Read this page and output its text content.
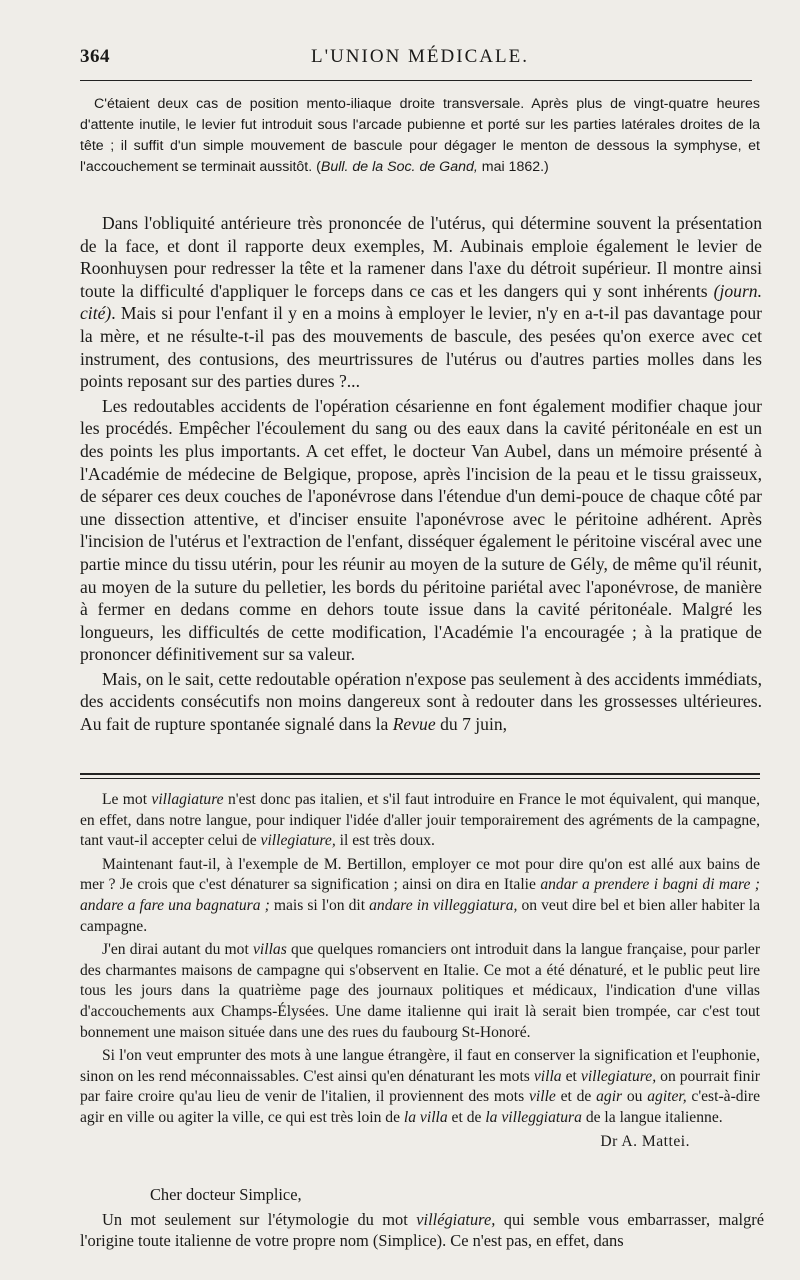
364	L'UNION MÉDICALE.

C'étaient deux cas de position mento-iliaque droite transversale. Après plus de vingt-quatre heures d'attente inutile, le levier fut introduit sous l'arcade pubienne et porté sur les parties latérales droites de la tête ; il suffit d'un simple mouvement de bascule pour dégager le menton de dessous la symphyse, et l'accouchement se terminait aussitôt. (Bull. de la Soc. de Gand, mai 1862.)

Dans l'obliquité antérieure très prononcée de l'utérus, qui détermine souvent la présentation de la face, et dont il rapporte deux exemples, M. Aubinais emploie également le levier de Roonhuysen pour redresser la tête et la ramener dans l'axe du détroit supérieur. Il montre ainsi toute la difficulté d'appliquer le forceps dans ce cas et les dangers qui y sont inhérents (journ. cité). Mais si pour l'enfant il y en a moins à employer le levier, n'y en a-t-il pas davantage pour la mère, et ne résulte-t-il pas des mouvements de bascule, des pesées qu'on exerce avec cet instrument, des contusions, des meurtrissures de l'utérus ou d'autres parties molles dans les points reposant sur des parties dures ?...

Les redoutables accidents de l'opération césarienne en font également modifier chaque jour les procédés. Empêcher l'écoulement du sang ou des eaux dans la cavité péritonéale en est un des points les plus importants. A cet effet, le docteur Van Aubel, dans un mémoire présenté à l'Académie de médecine de Belgique, propose, après l'incision de la peau et le tissu graisseux, de séparer ces deux couches de l'aponévrose dans l'étendue d'un demi-pouce de chaque côté par une dissection attentive, et d'inciser ensuite l'aponévrose avec le péritoine adhérent. Après l'incision de l'utérus et l'extraction de l'enfant, disséquer également le péritoine viscéral avec une partie mince du tissu utérin, pour les réunir au moyen de la suture de Gély, de même qu'il réunit, au moyen de la suture du pelletier, les bords du péritoine pariétal avec l'aponévrose, de manière à fermer en dedans comme en dehors toute issue dans la cavité péritonéale. Malgré les longueurs, les difficultés de cette modification, l'Académie l'a encouragée ; à la pratique de prononcer définitivement sur sa valeur.

Mais, on le sait, cette redoutable opération n'expose pas seulement à des accidents immédiats, des accidents consécutifs non moins dangereux sont à redouter dans les grossesses ultérieures. Au fait de rupture spontanée signalé dans la Revue du 7 juin,

Le mot villagiature n'est donc pas italien, et s'il faut introduire en France le mot équivalent, qui manque, en effet, dans notre langue, pour indiquer l'idée d'aller jouir temporairement des agréments de la campagne, tant vaut-il accepter celui de villegiature, il est très doux.

Maintenant faut-il, à l'exemple de M. Bertillon, employer ce mot pour dire qu'on est allé aux bains de mer ? Je crois que c'est dénaturer sa signification ; ainsi on dira en Italie andar a prendere i bagni di mare ; andare a fare una bagnatura ; mais si l'on dit andare in villeggiatura, on veut dire bel et bien aller habiter la campagne.

J'en dirai autant du mot villas que quelques romanciers ont introduit dans la langue française, pour parler des charmantes maisons de campagne qui s'observent en Italie. Ce mot a été dénaturé, et le public peut lire tous les jours dans la quatrième page des journaux politiques et médicaux, l'indication d'une villas d'accouchements aux Champs-Élysées. Une dame italienne qui irait là serait bien trompée, car c'est tout bonnement une maison située dans une des rues du faubourg St-Honoré.

Si l'on veut emprunter des mots à une langue étrangère, il faut en conserver la signification et l'euphonie, sinon on les rend méconnaissables. C'est ainsi qu'en dénaturant les mots villa et villegiature, on pourrait finir par faire croire qu'au lieu de venir de l'italien, il proviennent des mots ville et de agir ou agiter, c'est-à-dire agir en ville ou agiter la ville, ce qui est très loin de la villa et de la villeggiatura de la langue italienne.

Dr A. Mattei.
Cher docteur Simplice,

Un mot seulement sur l'étymologie du mot villégiature, qui semble vous embarrasser, malgré l'origine toute italienne de votre propre nom (Simplice). Ce n'est pas, en effet, dans
